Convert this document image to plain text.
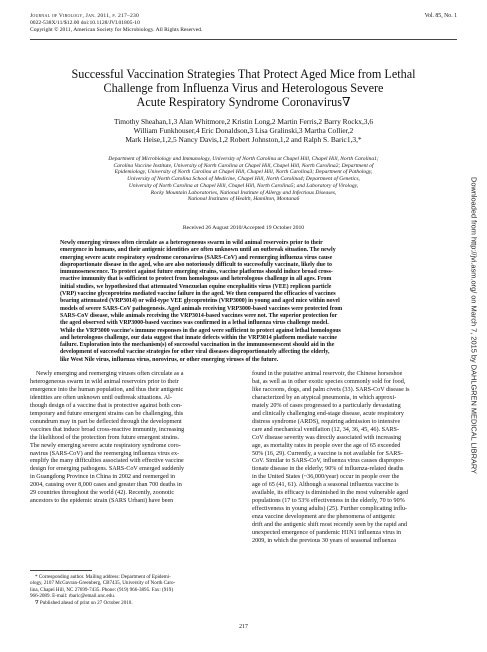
Journal of Virology, Jan. 2011, p. 217–230
0022-538X/11/$12.00 doi:10.1128/JVI.01805-10
Copyright © 2011, American Society for Microbiology. All Rights Reserved.
Vol. 85, No. 1
Successful Vaccination Strategies That Protect Aged Mice from Lethal
Challenge from Influenza Virus and Heterologous Severe
Acute Respiratory Syndrome Coronavirus∇
Timothy Sheahan,1,3 Alan Whitmore,2 Kristin Long,2 Martin Ferris,2 Barry Rockx,3,6
William Funkhouser,4 Eric Donaldson,3 Lisa Gralinski,3 Martha Collier,2
Mark Heise,1,2,5 Nancy Davis,1,2 Robert Johnston,1,2 and Ralph S. Baric1,3,*
Department of Microbiology and Immunology, University of North Carolina at Chapel Hill, Chapel Hill, North Carolina1;
Carolina Vaccine Institute, University of North Carolina at Chapel Hill, Chapel Hill, North Carolina2; Department of
Epidemiology, University of North Carolina at Chapel Hill, Chapel Hill, North Carolina3; Department of Pathology,
University of North Carolina School of Medicine, Chapel Hill, North Carolina4; Department of Genetics,
University of North Carolina at Chapel Hill, Chapel Hill, North Carolina5; and Laboratory of Virology,
Rocky Mountain Laboratories, National Institute of Allergy and Infectious Diseases,
National Institutes of Health, Hamilton, Montana6
Received 26 August 2010/Accepted 19 October 2010
Newly emerging viruses often circulate as a heterogeneous swarm in wild animal reservoirs prior to their
emergence in humans, and their antigenic identities are often unknown until an outbreak situation. The newly
emerging severe acute respiratory syndrome coronavirus (SARS-CoV) and reemerging influenza virus cause
disproportionate disease in the aged, who are also notoriously difficult to successfully vaccinate, likely due to
immunosenescence. To protect against future emerging strains, vaccine platforms should induce broad cross-
reactive immunity that is sufficient to protect from homologous and heterologous challenge in all ages. From
initial studies, we hypothesized that attenuated Venezuelan equine encephalitis virus (VEE) replicon particle
(VRP) vaccine glycoproteins mediated vaccine failure in the aged. We then compared the efficacies of vaccines
bearing attenuated (VRP3014) or wild-type VEE glycoproteins (VRP3000) in young and aged mice within novel
models of severe SARS-CoV pathogenesis. Aged animals receiving VRP3000-based vaccines were protected from
SARS-CoV disease, while animals receiving the VRP3014-based vaccines were not. The superior protection for
the aged observed with VRP3000-based vaccines was confirmed in a lethal influenza virus challenge model.
While the VRP3000 vaccine's immune responses in the aged were sufficient to protect against lethal homologous
and heterologous challenge, our data suggest that innate defects within the VRP3014 platform mediate vaccine
failure. Exploration into the mechanism(s) of successful vaccination in the immunosenescent should aid in the
development of successful vaccine strategies for other viral diseases disproportionately affecting the elderly,
like West Nile virus, influenza virus, norovirus, or other emerging viruses of the future.
Newly emerging and reemerging viruses often circulate as a
heterogeneous swarm in wild animal reservoirs prior to their
emergence into the human population, and thus their antigenic
identities are often unknown until outbreak situations. Al-
though design of a vaccine that is protective against both con-
temporary and future emergent strains can be challenging, this
conundrum may in part be deflected through the development
vaccines that induce broad cross-reactive immunity, increasing
the likelihood of the protection from future emergent strains.
The newly emerging severe acute respiratory syndrome coro-
navirus (SARS-CoV) and the reemerging influenza virus ex-
emplify the many difficulties associated with effective vaccine
design for emerging pathogens. SARS-CoV emerged suddenly
in Guangdong Province in China in 2002 and reemerged in
2004, causing over 8,000 cases and greater than 700 deaths in
29 countries throughout the world (42). Recently, zoonotic
ancestors to the epidemic strain (SARS Urbani) have been
found in the putative animal reservoir, the Chinese horseshoe
bat, as well as in other exotic species commonly sold for food,
like raccoons, dogs, and palm civets (33). SARS-CoV disease is
characterized by an atypical pneumonia, in which approxi-
mately 20% of cases progressed to a particularly devastating
and clinically challenging end-stage disease, acute respiratory
distress syndrome (ARDS), requiring admission to intensive
care and mechanical ventilation (12, 34, 36, 45, 46). SARS-
CoV disease severity was directly associated with increasing
age, as mortality rates in people over the age of 65 exceeded
50% (16, 29). Currently, a vaccine is not available for SARS-
CoV. Similar to SARS-CoV, influenza virus causes dispropor-
tionate disease in the elderly; 90% of influenza-related deaths
in the United States (~36,000/year) occur in people over the
age of 65 (41, 61). Although a seasonal influenza vaccine is
available, its efficacy is diminished in the most vulnerable aged
populations (17 to 53% effectiveness in the elderly, 70 to 90%
effectiveness in young adults) (25). Further complicating influ-
enza vaccine development are the phenomena of antigenic
drift and the antigenic shift most recently seen by the rapid and
unexpected emergence of pandemic H1N1 influenza virus in
2009, in which the previous 30 years of seasonal influenza
* Corresponding author. Mailing address: Department of Epidemi-
ology, 2107 McGavran-Greenberg, CB7435, University of North Caro-
lina, Chapel Hill, NC 27699-7435. Phone: (919) 966-3895. Fax: (919)
966-2089. E-mail: rbaric@email.unc.edu.
∇ Published ahead of print on 27 October 2010.
217
Downloaded from http://jvi.asm.org/ on March 7, 2015 by DAHLGREN MEDICAL LIBRARY
